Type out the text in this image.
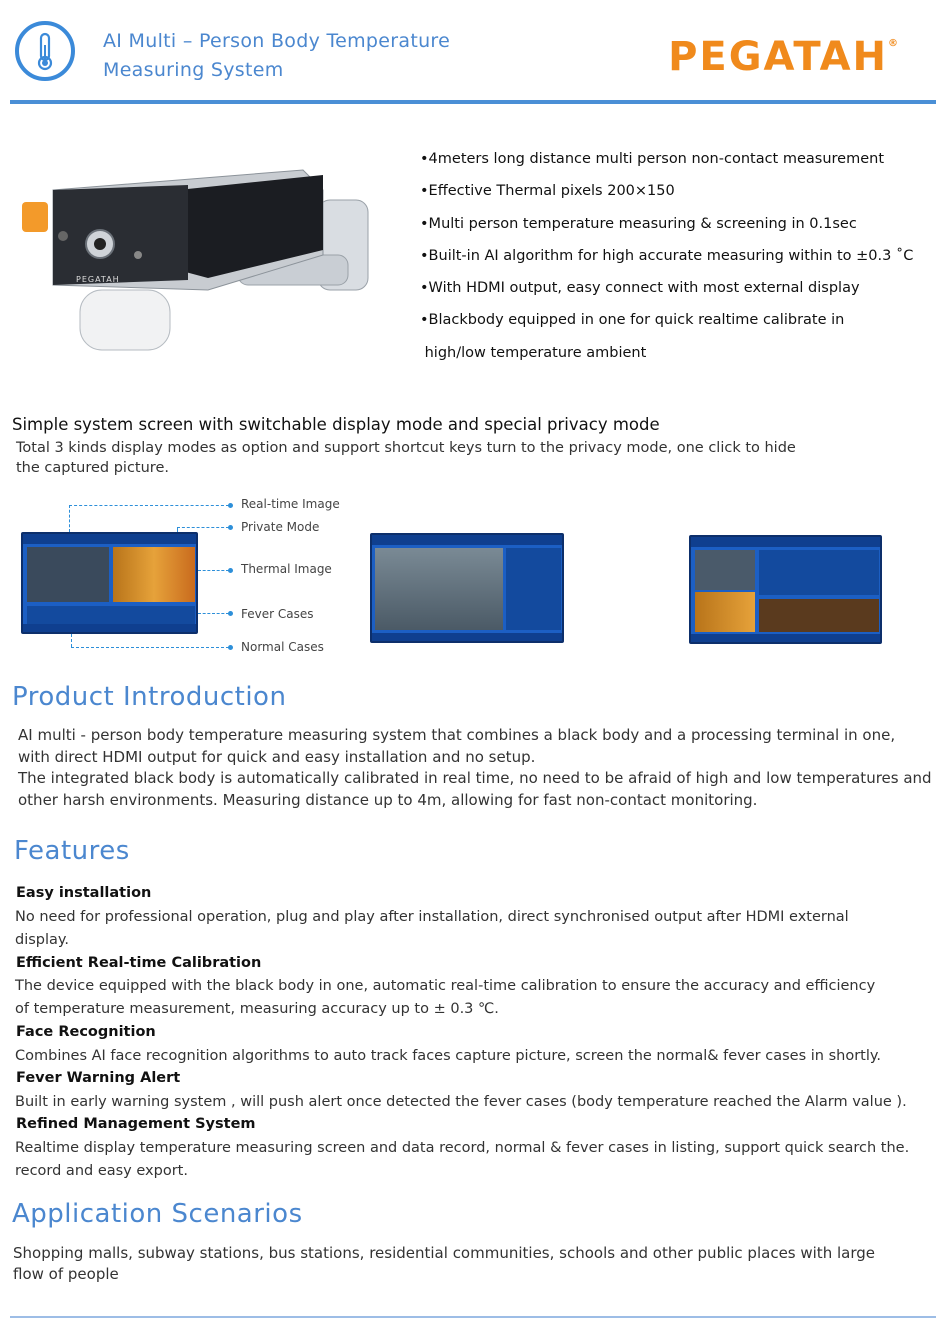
AI Multi – Person Body Temperature
Measuring System	PEGATAH®
PEGATAH
•4meters long distance multi person non-contact measurement
•Effective Thermal pixels 200×150
•Multi person temperature measuring & screening in 0.1sec
•Built-in AI algorithm for high accurate measuring within to ±0.3 ˚C
•With HDMI output, easy connect with most external display
•Blackbody equipped in one for quick realtime calibrate in
high/low temperature ambient
Simple system screen with switchable display mode and special privacy mode
Total 3 kinds display modes as option and support shortcut keys turn to the privacy mode, one click to hide
the captured picture.
Real-time Image
Private Mode
Thermal Image
Fever Cases
Normal Cases
Product Introduction
AI multi - person body temperature measuring system that combines a black body and a processing terminal in one,
with direct HDMI output for quick and easy installation and no setup.
The integrated black body is automatically calibrated in real time, no need to be afraid of high and low temperatures and
other harsh environments. Measuring distance up to 4m, allowing for fast non-contact monitoring.
Features
Easy installation
No need for professional operation, plug and play after installation, direct synchronised output after HDMI external
display.
Efficient Real-time Calibration
The device equipped with the black body in one, automatic real-time calibration to ensure the accuracy and efficiency
of temperature measurement, measuring accuracy up to ± 0.3 ℃.
Face Recognition
Combines AI face recognition algorithms to auto track faces capture picture, screen the normal& fever cases in shortly.
Fever Warning Alert
Built in early warning system , will push alert once detected the fever cases (body temperature reached the Alarm value ).
Refined Management System
Realtime display temperature measuring screen and data record, normal & fever cases in listing, support quick search the.
record and easy export.
Application Scenarios
Shopping malls, subway stations, bus stations, residential communities, schools and other public places with large
flow of people
